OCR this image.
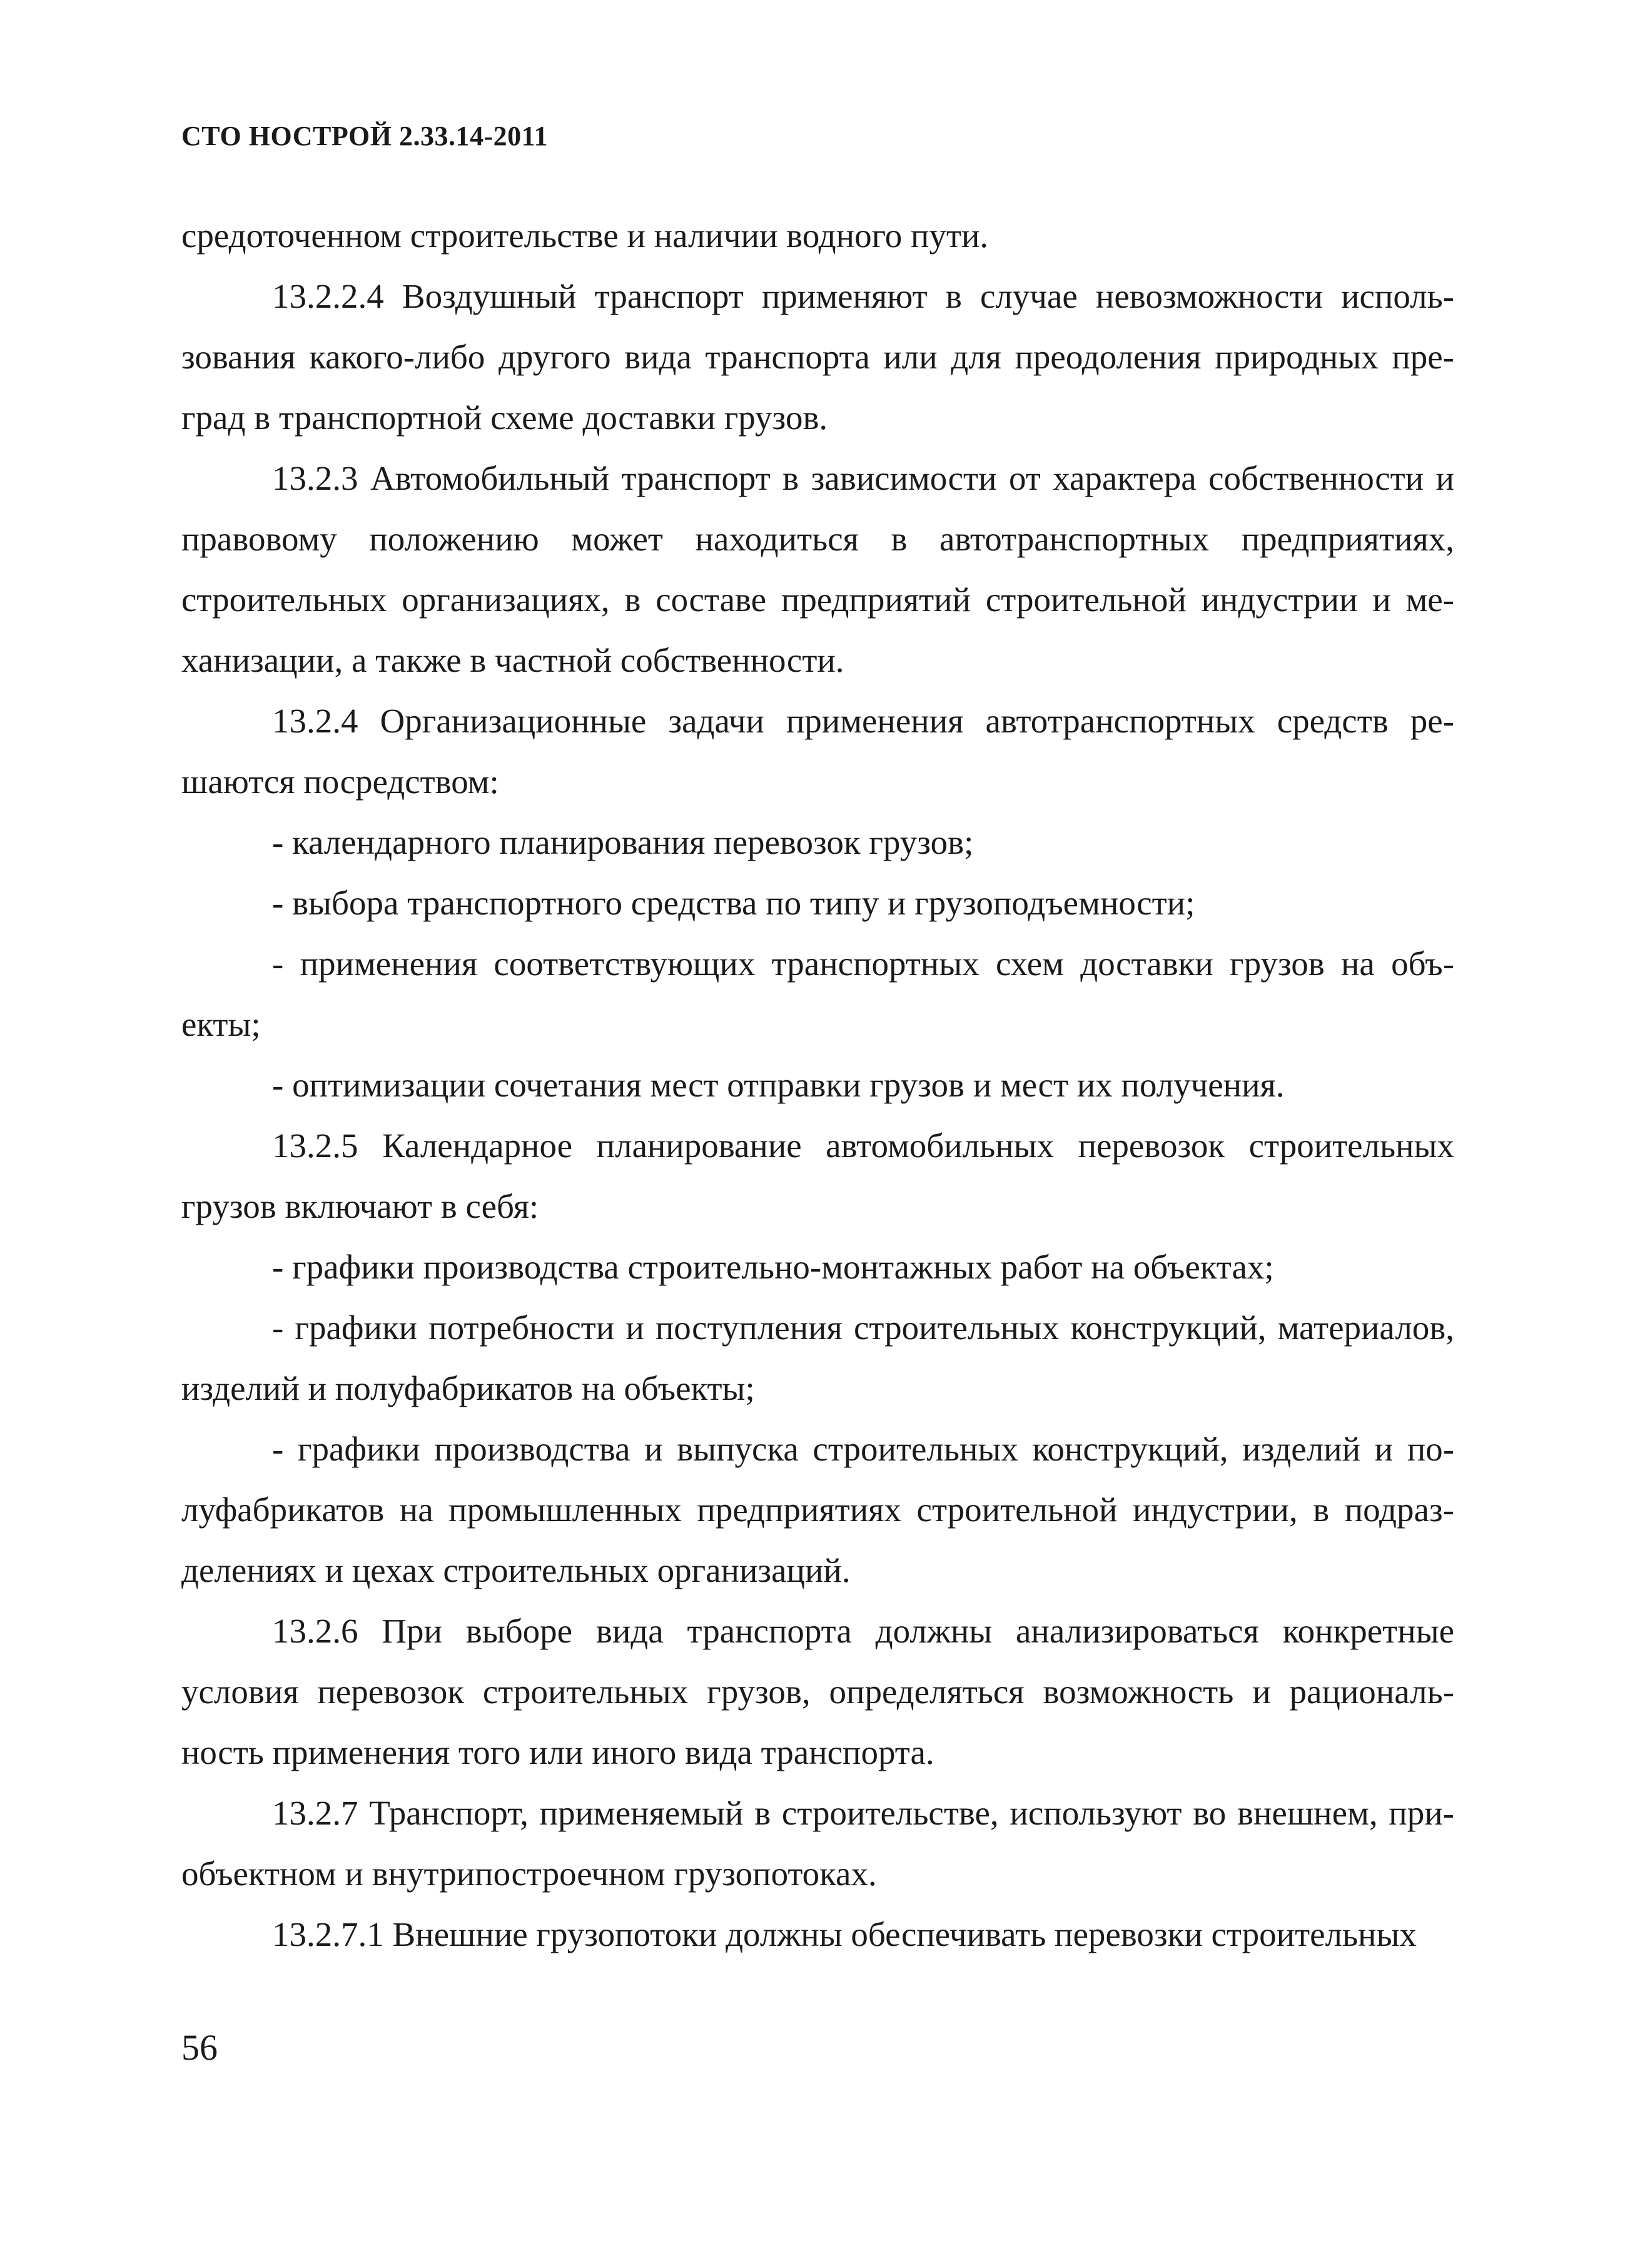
СТО НОСТРОЙ 2.33.14-2011

средоточенном строительстве и наличии водного пути.

13.2.2.4 Воздушный транспорт применяют в случае невозможности использования какого-либо другого вида транспорта или для преодоления природных преград в транспортной схеме доставки грузов.

13.2.3 Автомобильный транспорт в зависимости от характера собственности и правовому положению может находиться в автотранспортных предприятиях, строительных организациях, в составе предприятий строительной индустрии и механизации, а также в частной собственности.

13.2.4 Организационные задачи применения автотранспортных средств решаются посредством:

- календарного планирования перевозок грузов;

- выбора транспортного средства по типу и грузоподъемности;

- применения соответствующих транспортных схем доставки грузов на объекты;

- оптимизации сочетания мест отправки грузов и мест их получения.

13.2.5 Календарное планирование автомобильных перевозок строительных грузов включают в себя:

- графики производства строительно-монтажных работ на объектах;

- графики потребности и поступления строительных конструкций, материалов, изделий и полуфабрикатов на объекты;

- графики производства и выпуска строительных конструкций, изделий и полуфабрикатов на промышленных предприятиях строительной индустрии, в подразделениях и цехах строительных организаций.

13.2.6 При выборе вида транспорта должны анализироваться конкретные условия перевозок строительных грузов, определяться возможность и рациональность применения того или иного вида транспорта.

13.2.7 Транспорт, применяемый в строительстве, используют во внешнем, приобъектном и внутрипостроечном грузопотоках.

13.2.7.1 Внешние грузопотоки должны обеспечивать перевозки строительных

56
